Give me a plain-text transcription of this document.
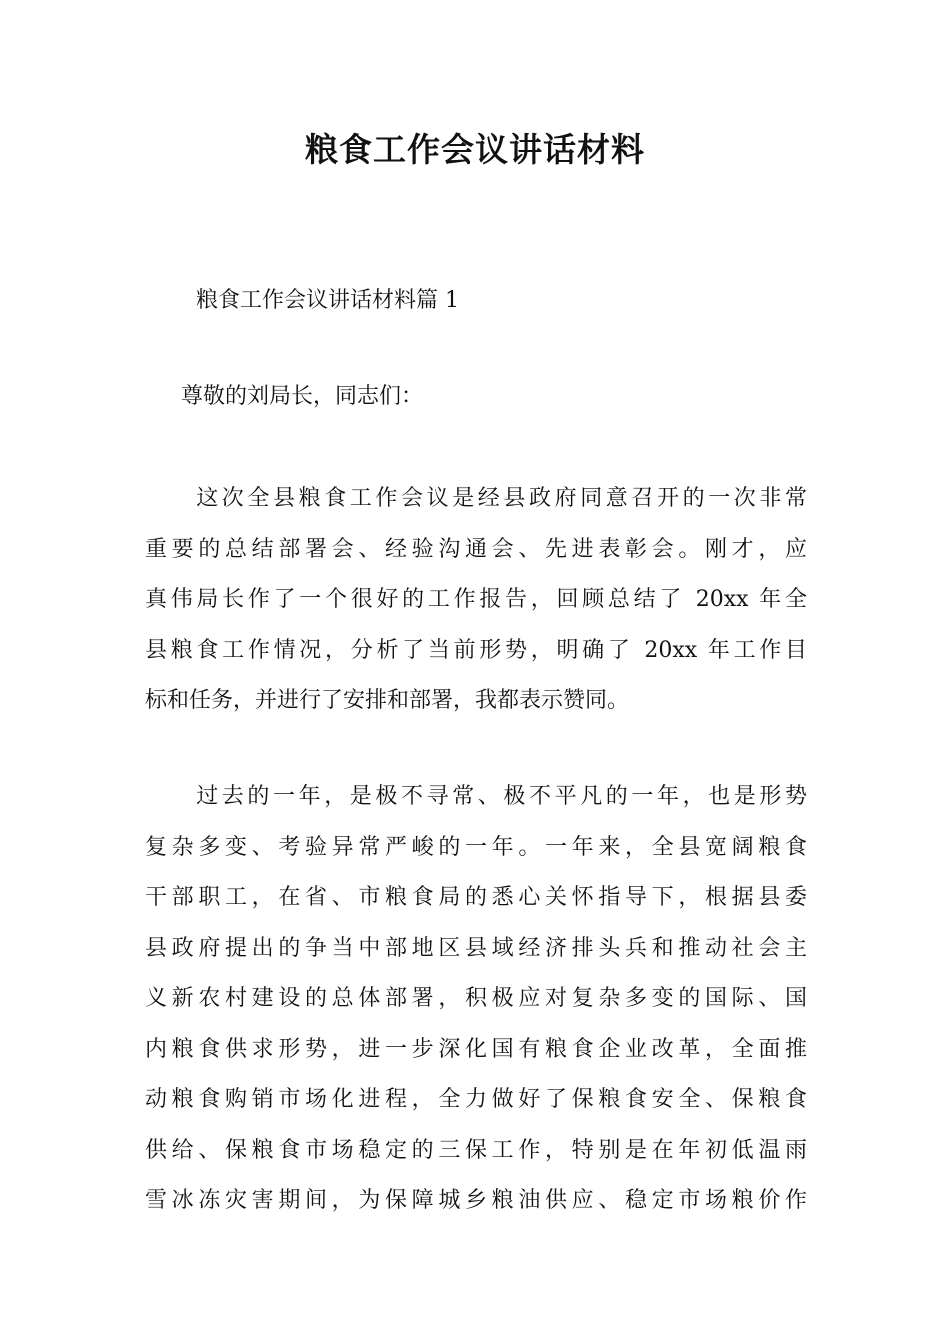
粮食工作会议讲话材料
粮食工作会议讲话材料篇 1
尊敬的刘局长，同志们：
　　这次全县粮食工作会议是经县政府同意召开的一次非常
重要的总结部署会、经验沟通会、先进表彰会。刚才，应
真伟局长作了一个很好的工作报告，回顾总结了 20xx 年全
县粮食工作情况，分析了当前形势，明确了 20xx 年工作目
标和任务，并进行了安排和部署，我都表示赞同。
　　过去的一年，是极不寻常、极不平凡的一年，也是形势
复杂多变、考验异常严峻的一年。一年来，全县宽阔粮食
干部职工，在省、市粮食局的悉心关怀指导下，根据县委
县政府提出的争当中部地区县域经济排头兵和推动社会主
义新农村建设的总体部署，积极应对复杂多变的国际、国
内粮食供求形势，进一步深化国有粮食企业改革，全面推
动粮食购销市场化进程，全力做好了保粮食安全、保粮食
供给、保粮食市场稳定的三保工作，特别是在年初低温雨
雪冰冻灾害期间，为保障城乡粮油供应、稳定市场粮价作
